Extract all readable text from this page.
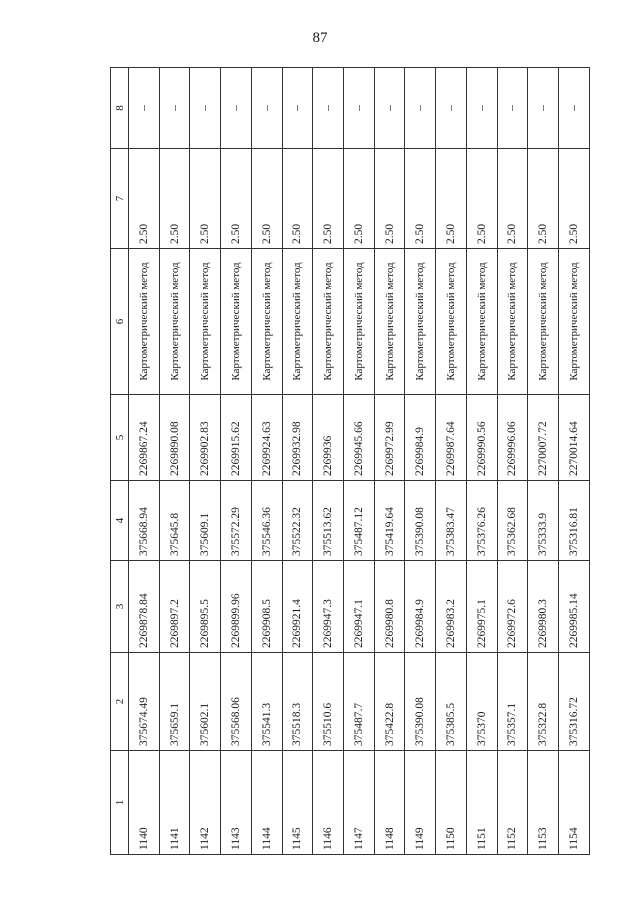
87
1	2	3	4	5	6	7	8
1140	375674.49	2269878.84	375668.94	2269867.24	Картометрический метод	2.50	–
1141	375659.1	2269897.2	375645.8	2269890.08	Картометрический метод	2.50	–
1142	375602.1	2269895.5	375609.1	2269902.83	Картометрический метод	2.50	–
1143	375568.06	2269899.96	375572.29	2269915.62	Картометрический метод	2.50	–
1144	375541.3	2269908.5	375546.36	2269924.63	Картометрический метод	2.50	–
1145	375518.3	2269921.4	375522.32	2269932.98	Картометрический метод	2.50	–
1146	375510.6	2269947.3	375513.62	2269936	Картометрический метод	2.50	–
1147	375487.7	2269947.1	375487.12	2269945.66	Картометрический метод	2.50	–
1148	375422.8	2269980.8	375419.64	2269972.99	Картометрический метод	2.50	–
1149	375390.08	2269984.9	375390.08	2269984.9	Картометрический метод	2.50	–
1150	375385.5	2269983.2	375383.47	2269987.64	Картометрический метод	2.50	–
1151	375370	2269975.1	375376.26	2269990.56	Картометрический метод	2.50	–
1152	375357.1	2269972.6	375362.68	2269996.06	Картометрический метод	2.50	–
1153	375322.8	2269980.3	375333.9	2270007.72	Картометрический метод	2.50	–
1154	375316.72	2269985.14	375316.81	2270014.64	Картометрический метод	2.50	–
